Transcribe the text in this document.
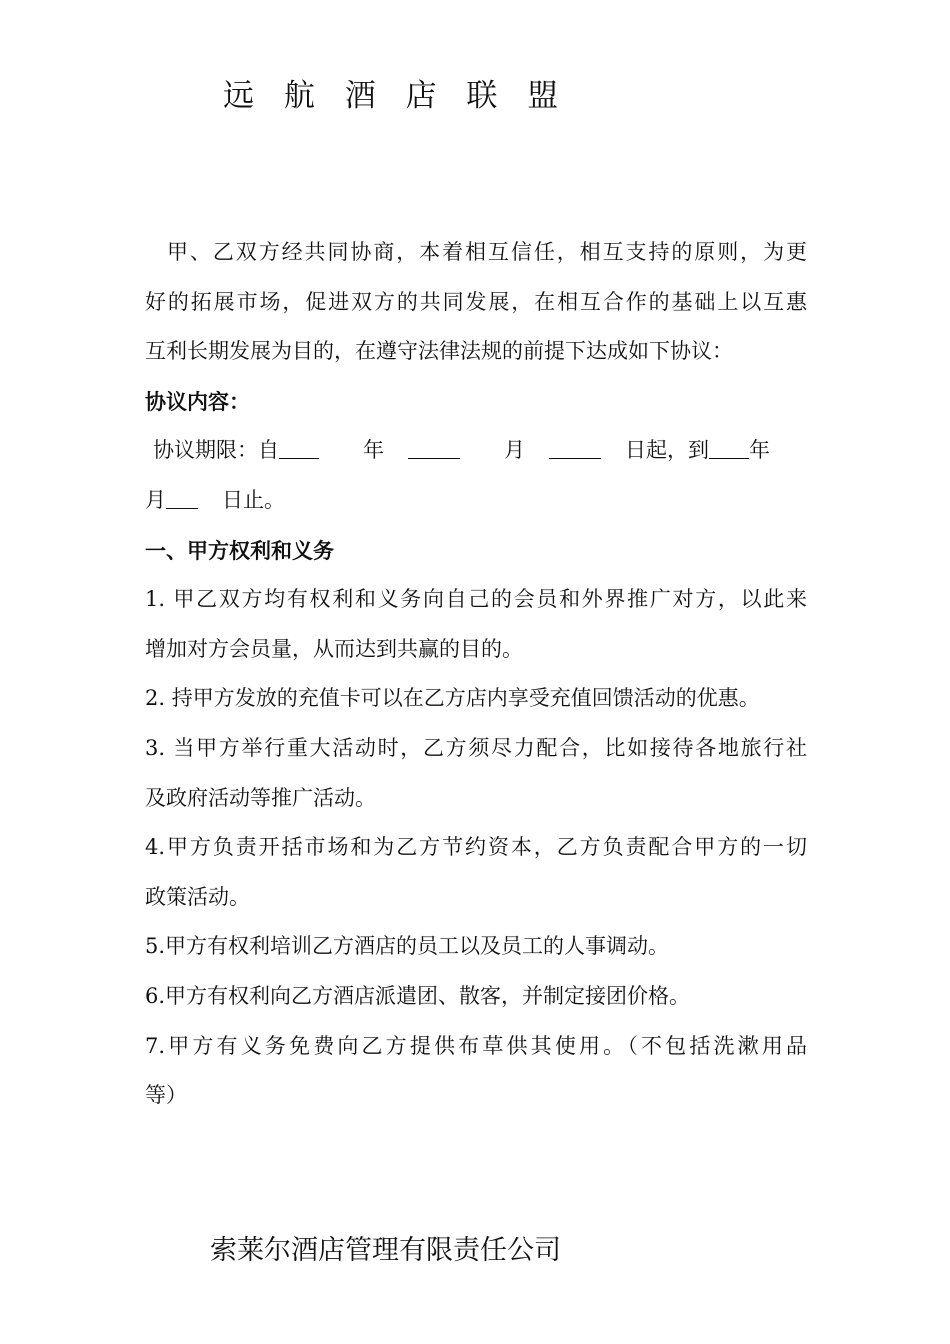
远 航 酒 店 联 盟
甲、乙双方经共同协商，本着相互信任，相互支持的原则，为更
好的拓展市场，促进双方的共同发展，在相互合作的基础上以互惠
互利长期发展为目的，在遵守法律法规的前提下达成如下协议：
协议内容：
协议期限：自	年	月	日起，到 年
月	日止。
一、甲方权利和义务
1. 甲乙双方均有权利和义务向自己的会员和外界推广对方，以此来
增加对方会员量，从而达到共赢的目的。
2. 持甲方发放的充值卡可以在乙方店内享受充值回馈活动的优惠。
3. 当甲方举行重大活动时，乙方须尽力配合，比如接待各地旅行社
及政府活动等推广活动。
4.甲方负责开括市场和为乙方节约资本，乙方负责配合甲方的一切
政策活动。
5.甲方有权利培训乙方酒店的员工以及员工的人事调动。
6.甲方有权利向乙方酒店派遣团、散客，并制定接团价格。
7.甲方有义务免费向乙方提供布草供其使用。（不包括洗漱用品
等）
索莱尔酒店管理有限责任公司
